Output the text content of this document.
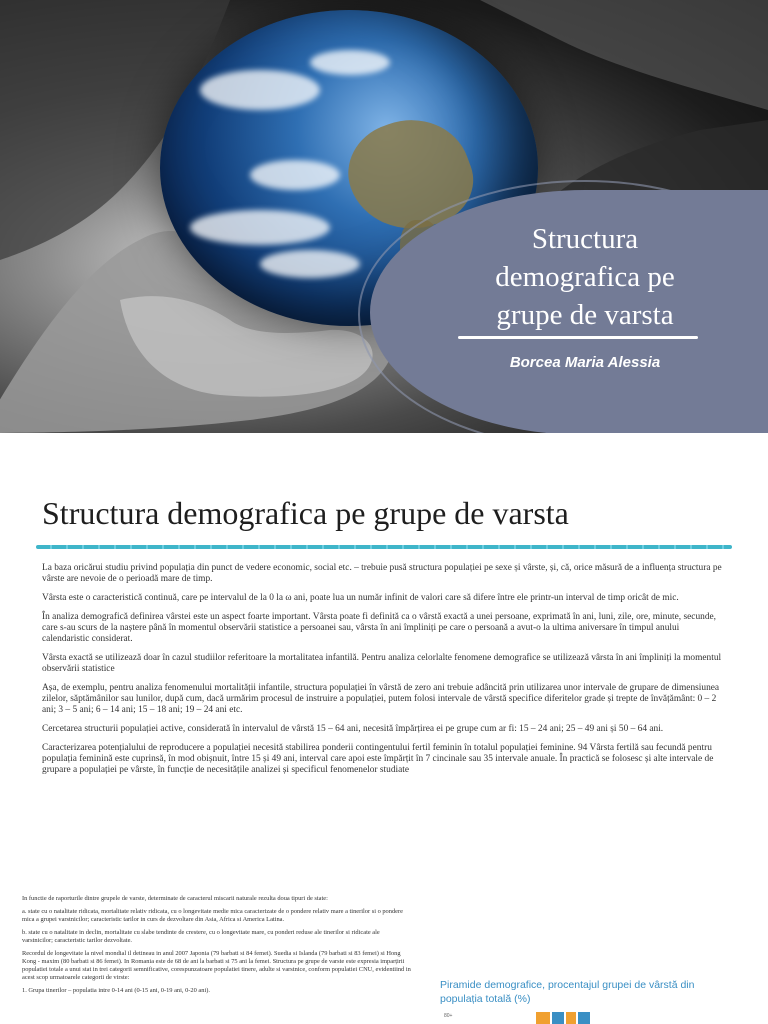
Structura demografica pe grupe de varsta
Borcea Maria Alessia
Structura demografica pe grupe de varsta

La baza oricărui studiu privind populația din punct de vedere economic, social etc. – trebuie pusă structura populației pe sexe și vârste, și, că, orice măsură de a influența structura pe vârste are nevoie de o perioadă mare de timp.

Vârsta este o caracteristică continuă, care pe intervalul de la 0 la ω ani, poate lua un număr infinit de valori care să difere între ele printr-un interval de timp oricât de mic.

În analiza demografică definirea vârstei este un aspect foarte important. Vârsta poate fi definită ca o vârstă exactă a unei persoane, exprimată în ani, luni, zile, ore, minute, secunde, care s-au scurs de la naștere până în momentul observării statistice a persoanei sau, vârsta în ani împliniți pe care o persoană a avut-o la ultima aniversare în timpul anului calendaristic considerat.

Vârsta exactă se utilizează doar în cazul studiilor referitoare la mortalitatea infantilă. Pentru analiza celorlalte fenomene demografice se utilizează vârsta în ani împliniți la momentul observării statistice

Așa, de exemplu, pentru analiza fenomenului mortalității infantile, structura populației în vârstă de zero ani trebuie adâncită prin utilizarea unor intervale de grupare de dimensiunea zilelor, săptămânilor sau lunilor, după cum, dacă urmărim procesul de instruire a populației, putem folosi intervale de vârstă specifice diferitelor grade și trepte de învățământ: 0 – 2 ani; 3 – 5 ani; 6 – 14 ani; 15 – 18 ani; 19 – 24 ani etc.

Cercetarea structurii populației active, considerată în intervalul de vârstă 15 – 64 ani, necesită împărțirea ei pe grupe cum ar fi: 15 – 24 ani; 25 – 49 ani și 50 – 64 ani.

Caracterizarea potențialului de reproducere a populației necesită stabilirea ponderii contingentului fertil feminin în totalul populației feminine. 94 Vârsta fertilă sau fecundă pentru populația feminină este cuprinsă, în mod obișnuit, între 15 și 49 ani, interval care apoi este împărțit în 7 cincinale sau 35 intervale anuale. În practică se folosesc și alte intervale de grupare a populației pe vârste, în funcție de necesitățile analizei și specificul fenomenelor studiate

In functie de raporturile dintre grupele de varste, determinate de caracterul miscarii naturale rezulta doua tipuri de state:

a. state cu o natalitate ridicata, mortalitate relativ ridicata, cu o longevitate medie mica caracterizate de o pondere relativ mare a tinerilor si o pondere mica a grupei varstnicilor; caracteristic tarilor in curs de dezvoltare din Asia, Africa si America Latina.

b. state cu o natalitate in declin, mortalitate cu slabe tendinte de crestere, cu o longevitate mare, cu ponderi reduse ale tinerilor si ridicate ale varstnicilor; caracteristic tarilor dezvoltate.

Recordul de longevitate la nivel mondial il detineau in anul 2007 Japonia (79 barbati si 84 femei). Suedia si Islanda (79 barbati si 83 femei) si Hong Kong - maxim (80 barbati si 86 femei). In Romania este de 68 de ani la barbati si 75 ani la femei. Structura pe grupe de varste este expresia imparțirii populatiei totale a unui stat in trei categorii semnificative, corespunzatoare populatiei tinere, adulte si varstnice, conform populatiei CNU, evidentiind in acest scop urmatoarele categorii de virste:

1. Grupa tinerilor – populatia intre 0-14 ani (0-15 ani, 0-19 ani, 0-20 ani).	Piramide demografice, procentajul grupei de vârstă din populația totală (%)
80+
